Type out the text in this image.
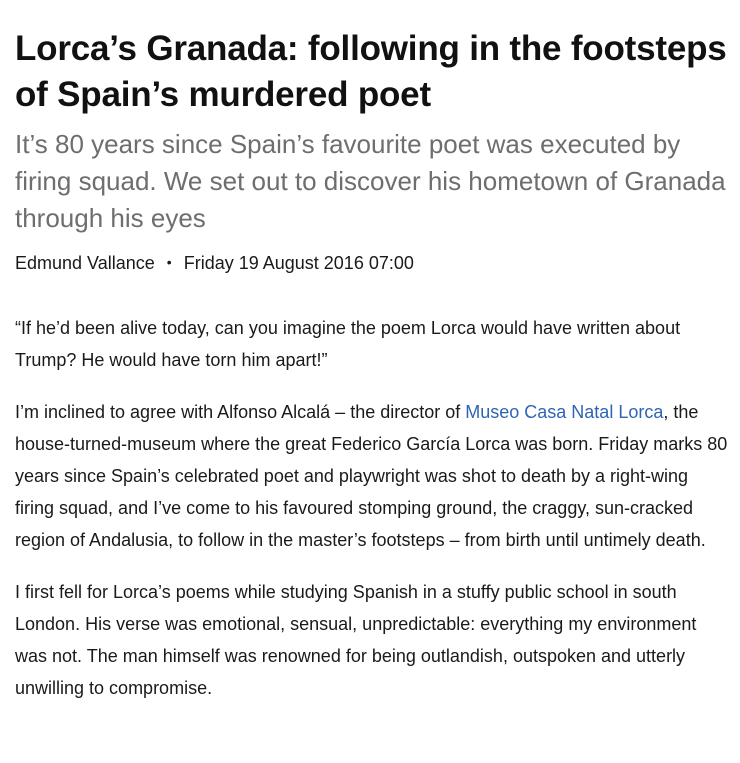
Lorca’s Granada: following in the footsteps of Spain’s murdered poet

It’s 80 years since Spain’s favourite poet was executed by firing squad. We set out to discover his hometown of Granada through his eyes

Edmund Vallance • Friday 19 August 2016 07:00

“If he’d been alive today, can you imagine the poem Lorca would have written about Trump? He would have torn him apart!”

I’m inclined to agree with Alfonso Alcalá – the director of Museo Casa Natal Lorca, the house-turned-museum where the great Federico García Lorca was born. Friday marks 80 years since Spain’s celebrated poet and playwright was shot to death by a right-wing firing squad, and I’ve come to his favoured stomping ground, the craggy, sun-cracked region of Andalusia, to follow in the master’s footsteps – from birth until untimely death.

I first fell for Lorca’s poems while studying Spanish in a stuffy public school in south London. His verse was emotional, sensual, unpredictable: everything my environment was not. The man himself was renowned for being outlandish, outspoken and utterly unwilling to compromise.
